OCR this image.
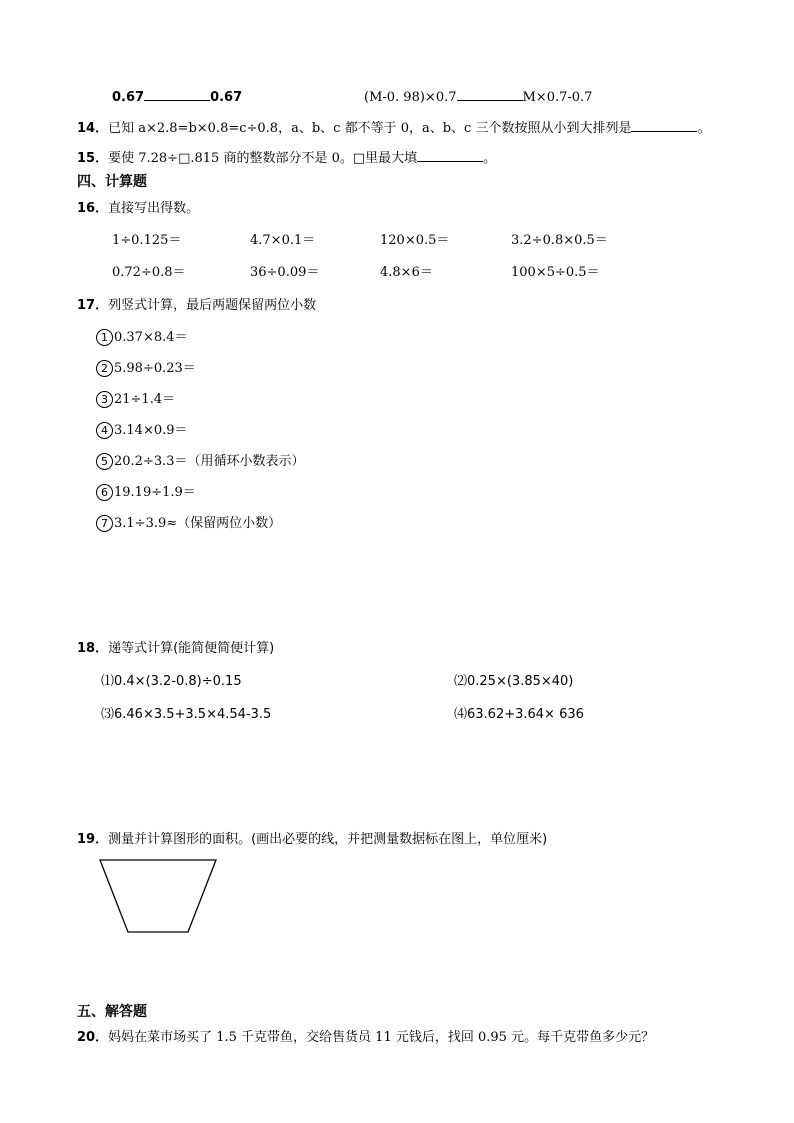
0.67	0.67	(M-0. 98)×0.7	M×0.7-0.7
14．已知 a×2.8=b×0.8=c÷0.8，a、b、c 都不等于 0，a、b、c 三个数按照从小到大排列是	。
15．要使 7.28÷□.815 商的整数部分不是 0。□里最大填	。
四、计算题
16．直接写出得数。
1÷0.125＝	4.7×0.1＝	120×0.5＝	3.2÷0.8×0.5＝
0.72÷0.8＝	36÷0.09＝	4.8×6＝	100×5÷0.5＝
17．列竖式计算，最后两题保留两位小数
1 0.37×8.4＝
2 5.98÷0.23＝
3 21÷1.4＝
4 3.14×0.9＝
5 20.2÷3.3＝（用循环小数表示）
6 19.19÷1.9＝
7 3.1÷3.9≈（保留两位小数）
18．递等式计算(能简便简便计算)
⑴0.4×(3.2-0.8)÷0.15	⑵0.25×(3.85×40)
⑶6.46×3.5+3.5×4.54-3.5	⑷63.62+3.64× 636
19．测量并计算图形的面积。(画出必要的线，并把测量数据标在图上，单位厘米)
五、解答题
20．妈妈在菜市场买了 1.5 千克带鱼，交给售货员 11 元钱后，找回 0.95 元。每千克带鱼多少元？
